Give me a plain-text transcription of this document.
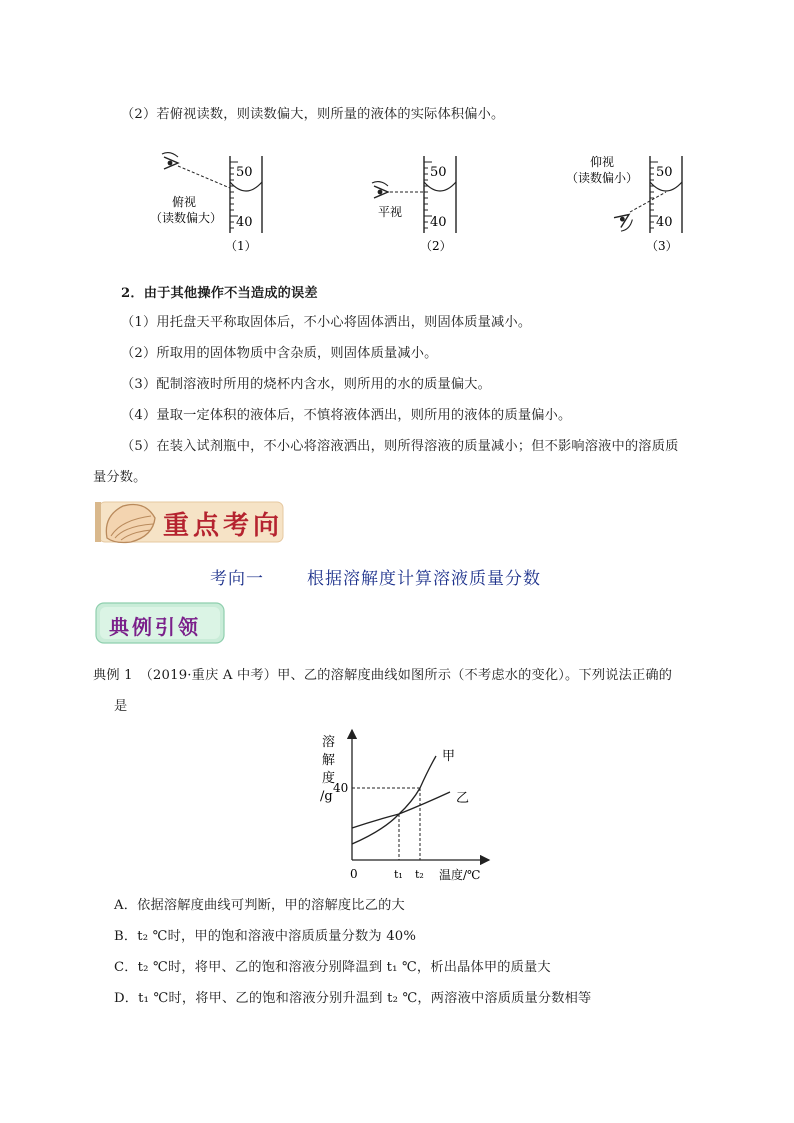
（2）若俯视读数，则读数偏大，则所量的液体的实际体积偏小。
50
40
俯视
（读数偏大）
（1）
50
40
平视
（2）
仰视
（读数偏小） 50
40
（3）
2．由于其他操作不当造成的误差
（1）用托盘天平称取固体后，不小心将固体洒出，则固体质量减小。
（2）所取用的固体物质中含杂质，则固体质量减小。
（3）配制溶液时所用的烧杯内含水，则所用的水的质量偏大。
（4）量取一定体积的液体后，不慎将液体洒出，则所用的液体的质量偏小。
（5）在装入试剂瓶中，不小心将溶液洒出，则所得溶液的质量减小；但不影响溶液中的溶质质
量分数。
重点考向
考向一	根据溶解度计算溶液质量分数
典例引领
典例 1　（2019·重庆 A 中考）甲、乙的溶解度曲线如图所示（不考虑水的变化）。下列说法正确的
是
溶
解
度
/g
40
0
甲
乙
t₁ t₂ 温度/℃
A．依据溶解度曲线可判断，甲的溶解度比乙的大
B．t₂ ℃时，甲的饱和溶液中溶质质量分数为 40%
C．t₂ ℃时，将甲、乙的饱和溶液分别降温到 t₁ ℃，析出晶体甲的质量大
D．t₁ ℃时，将甲、乙的饱和溶液分别升温到 t₂ ℃，两溶液中溶质质量分数相等
